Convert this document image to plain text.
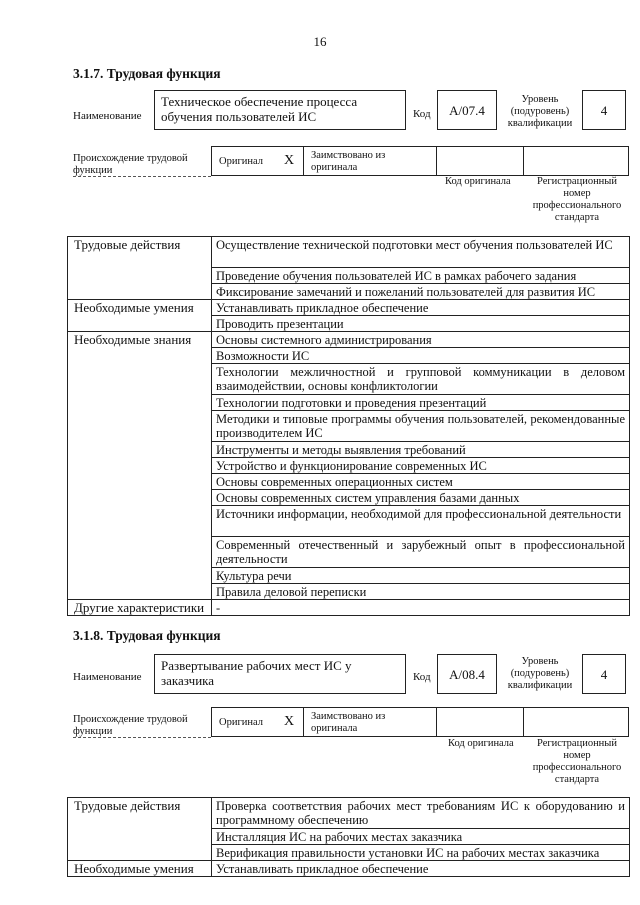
16
3.1.7. Трудовая функция
Наименование
Техническое обеспечение процесса обучения пользователей ИС	Код	А/07.4
Уровень (подуровень) квалификации
4
Происхождение трудовой функции
Оригинал X Заимствовано из оригинала
Код оригинала	Регистрационный номер профессионального стандарта
Трудовые действия	Осуществление технической подготовки мест обучения пользователей ИС
	Проведение обучения пользователей ИС в рамках рабочего задания
	Фиксирование замечаний и пожеланий пользователей для развития ИС
Необходимые умения	Устанавливать прикладное обеспечение
	Проводить презентации
Необходимые знания	Основы системного администрирования
	Возможности ИС
	Технологии межличностной и групповой коммуникации в деловом взаимодействии, основы конфликтологии
	Технологии подготовки и проведения презентаций
	Методики и типовые программы обучения пользователей, рекомендованные производителем ИС
	Инструменты и методы выявления требований
	Устройство и функционирование современных ИС
	Основы современных операционных систем
	Основы современных систем управления базами данных
	Источники информации, необходимой для профессиональной деятельности
	Современный отечественный и зарубежный опыт в профессиональной деятельности
	Культура речи
	Правила деловой переписки
Другие характеристики	-
3.1.8. Трудовая функция
Наименование
Развертывание рабочих мест ИС у заказчика	Код	А/08.4
Уровень (подуровень) квалификации
4
Происхождение трудовой функции
Оригинал X Заимствовано из оригинала
Код оригинала	Регистрационный номер профессионального стандарта
Трудовые действия	Проверка соответствия рабочих мест требованиям ИС к оборудованию и программному обеспечению
	Инсталляция ИС на рабочих местах заказчика
	Верификация правильности установки ИС на рабочих местах заказчика
Необходимые умения	Устанавливать прикладное обеспечение
